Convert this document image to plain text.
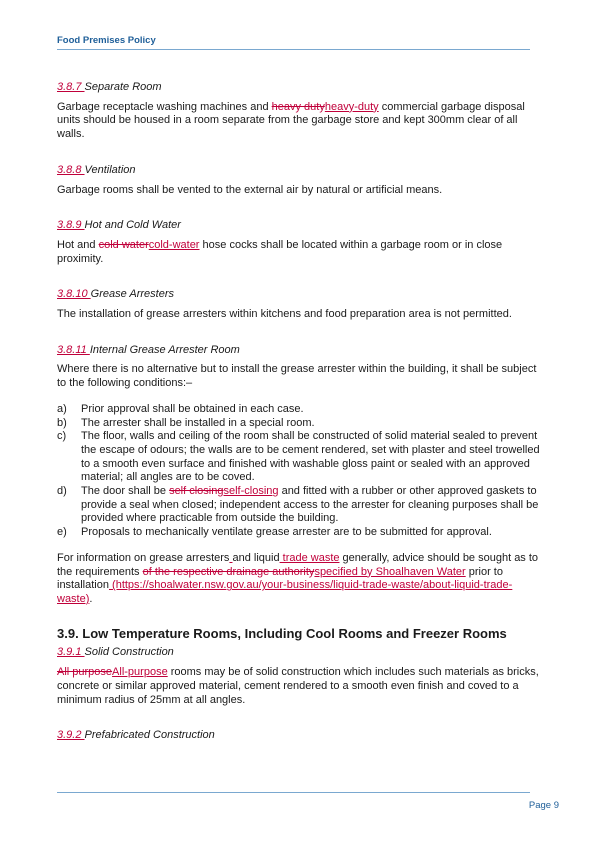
Food Premises Policy
3.8.7 Separate Room

Garbage receptacle washing machines and heavy dutyheavy-duty commercial garbage disposal units should be housed in a room separate from the garbage store and kept 300mm clear of all walls.

3.8.8 Ventilation

Garbage rooms shall be vented to the external air by natural or artificial means.

3.8.9 Hot and Cold Water

Hot and cold watercold-water hose cocks shall be located within a garbage room or in close proximity.

3.8.10 Grease Arresters

The installation of grease arresters within kitchens and food preparation area is not permitted.

3.8.11 Internal Grease Arrester Room

Where there is no alternative but to install the grease arrester within the building, it shall be subject to the following conditions:–

a)	Prior approval shall be obtained in each case.
b)	The arrester shall be installed in a special room.
c)	The floor, walls and ceiling of the room shall be constructed of solid material sealed to prevent the escape of odours; the walls are to be cement rendered, set with plaster and steel trowelled to a smooth even surface and finished with washable gloss paint or sealed with an approved material; all angles are to be coved.
d)	The door shall be self closingself-closing and fitted with a rubber or other approved gaskets to provide a seal when closed; independent access to the arrester for cleaning purposes shall be provided where practicable from outside the building.
e)	Proposals to mechanically ventilate grease arrester are to be submitted for approval.

For information on grease arresters and liquid trade waste generally, advice should be sought as to the requirements of the respective drainage authorityspecified by Shoalhaven Water prior to installation (https://shoalwater.nsw.gov.au/your-business/liquid-trade-waste/about-liquid-trade-waste).

3.9. Low Temperature Rooms, Including Cool Rooms and Freezer Rooms
3.9.1 Solid Construction

All purposeAll-purpose rooms may be of solid construction which includes such materials as bricks, concrete or similar approved material, cement rendered to a smooth even finish and coved to a minimum radius of 25mm at all angles.

3.9.2 Prefabricated Construction
Page 9
